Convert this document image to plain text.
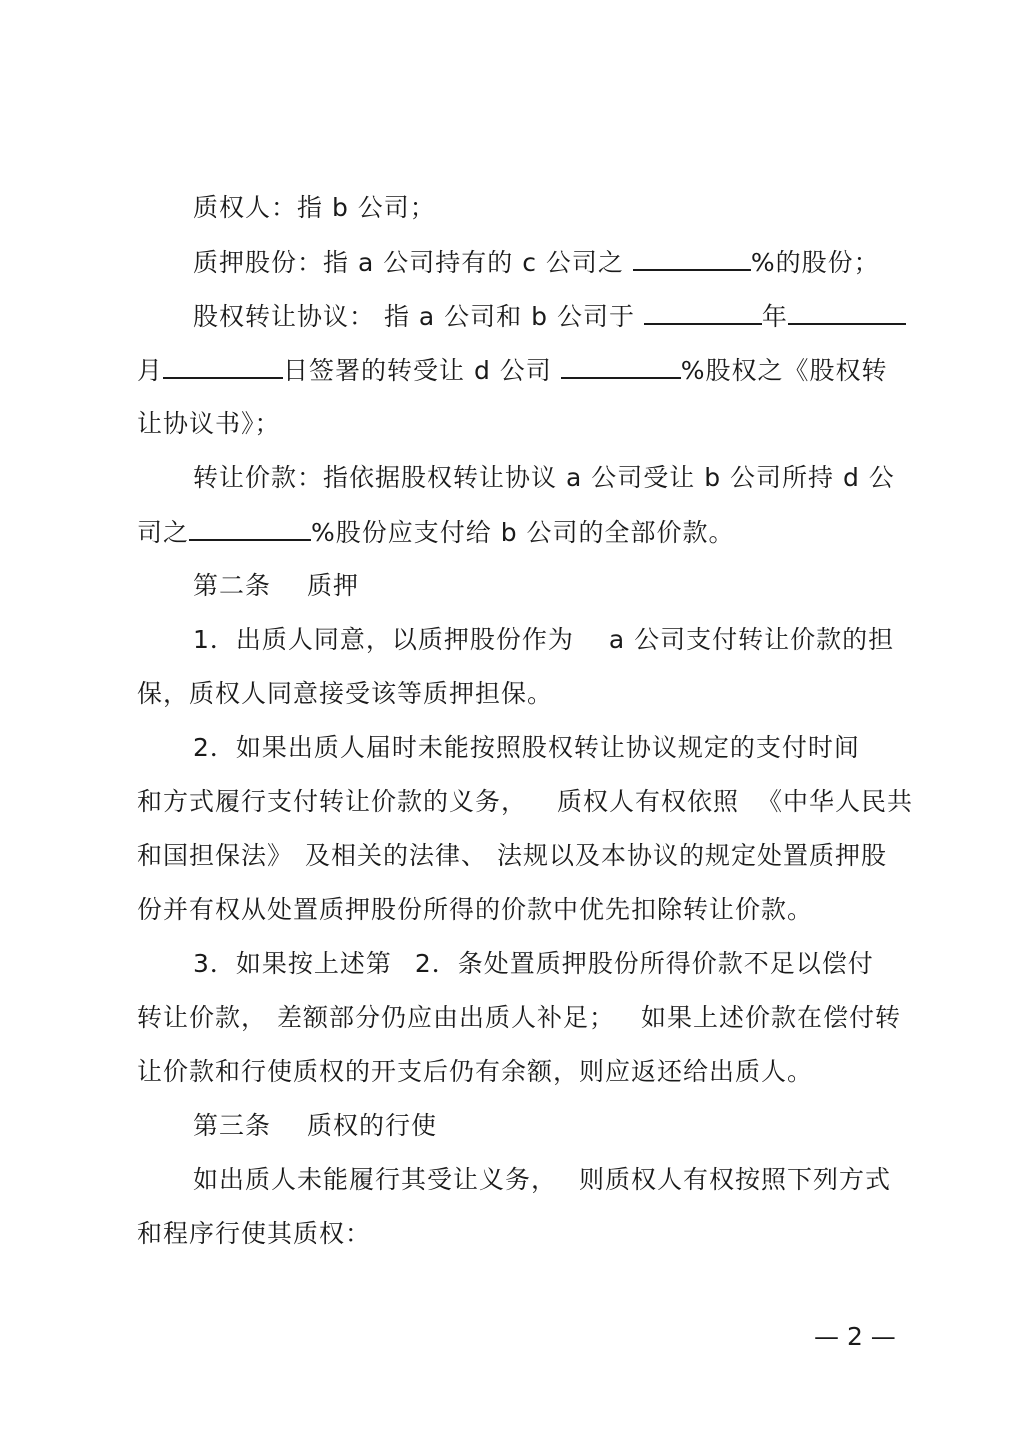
质权人：指 b 公司；
质押股份：指 a 公司持有的 c 公司之	%的股份；
股权转让协议： 指 a 公司和 b 公司于	年
月	日签署的转受让 d 公司	%股权之《股权转
让协议书》；
转让价款：指依据股权转让协议 a 公司受让 b 公司所持 d 公
司之	%股份应支付给 b 公司的全部价款。
第二条 质押
1．出质人同意，以质押股份作为 a 公司支付转让价款的担
保，质权人同意接受该等质押担保。
2．如果出质人届时未能按照股权转让协议规定的支付时间
和方式履行支付转让价款的义务， 质权人有权依照 《中华人民共
和国担保法》 及相关的法律、 法规以及本协议的规定处置质押股
份并有权从处置质押股份所得的价款中优先扣除转让价款。
3．如果按上述第 2．条处置质押股份所得价款不足以偿付
转让价款， 差额部分仍应由出质人补足； 如果上述价款在偿付转
让价款和行使质权的开支后仍有余额，则应返还给出质人。
第三条 质权的行使
如出质人未能履行其受让义务， 则质权人有权按照下列方式
和程序行使其质权：
— 2 —
